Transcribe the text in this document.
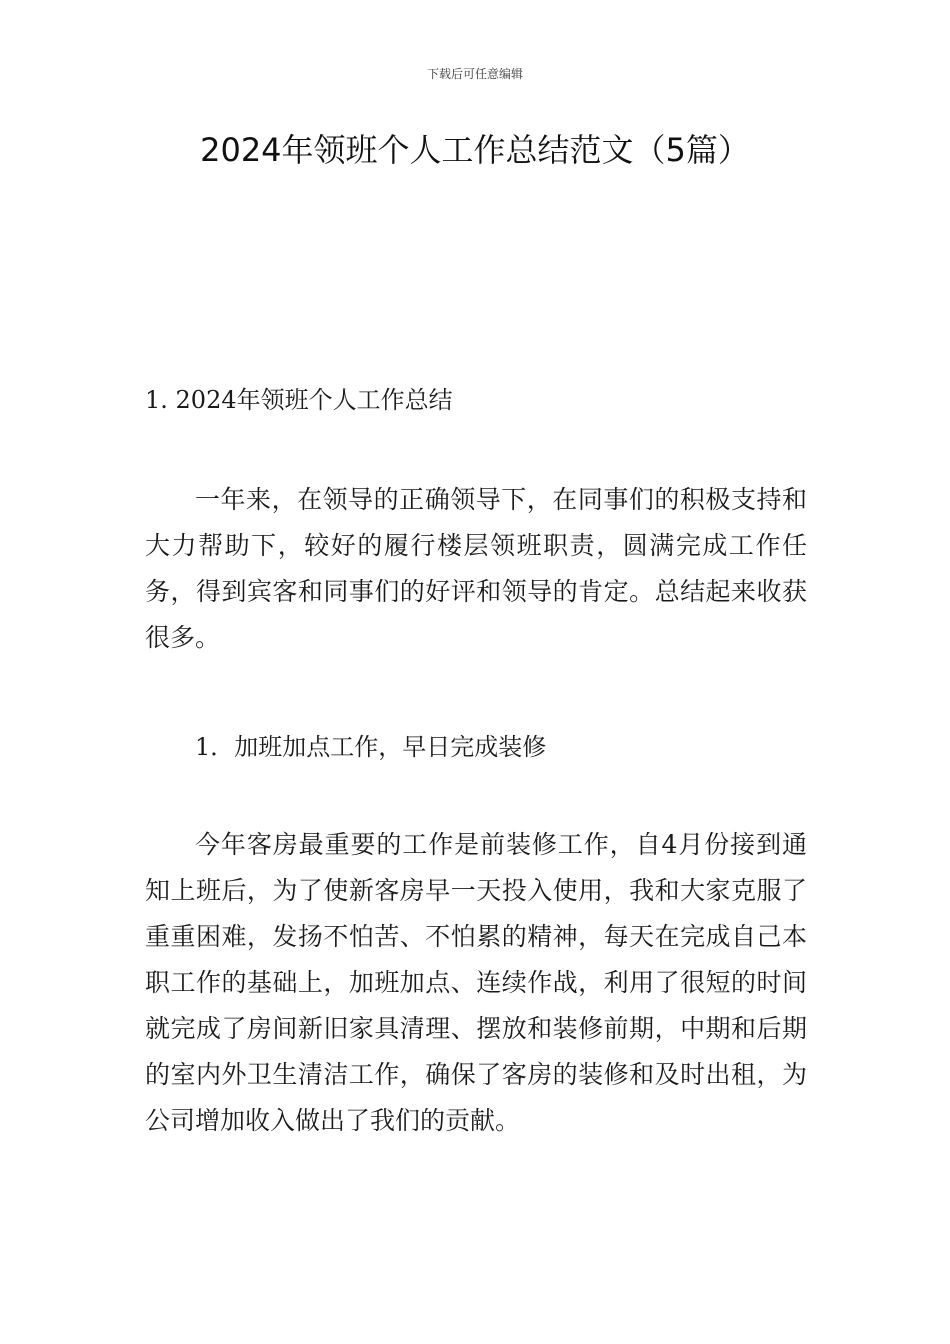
下载后可任意编辑
2024年领班个人工作总结范文（5篇）
1. 2024年领班个人工作总结

一年来，在领导的正确领导下，在同事们的积极支持和大力帮助下，较好的履行楼层领班职责，圆满完成工作任务，得到宾客和同事们的好评和领导的肯定。总结起来收获很多。

1．加班加点工作，早日完成装修

今年客房最重要的工作是前装修工作，自4月份接到通知上班后，为了使新客房早一天投入使用，我和大家克服了重重困难，发扬不怕苦、不怕累的精神，每天在完成自己本职工作的基础上，加班加点、连续作战，利用了很短的时间就完成了房间新旧家具清理、摆放和装修前期，中期和后期的室内外卫生清洁工作，确保了客房的装修和及时出租，为公司增加收入做出了我们的贡献。
